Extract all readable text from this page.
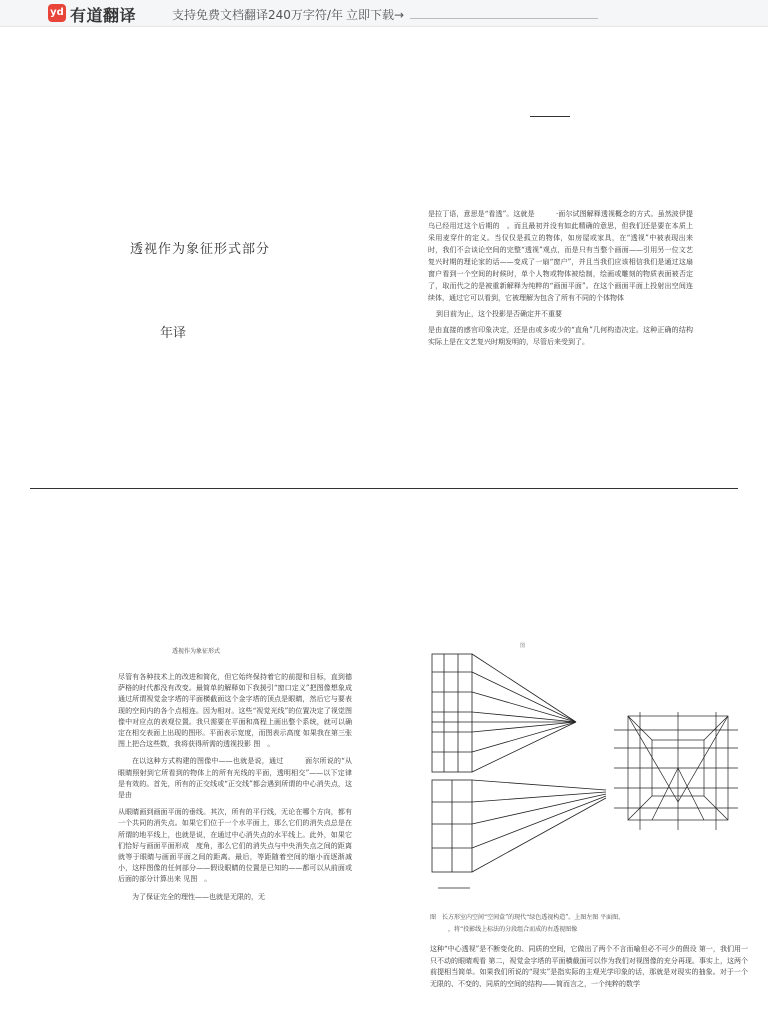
yd 有道翻译	支持免费文档翻译240万字符/年 立即下载→
透视作为象征形式部分
年译

是拉丁语，意思是“看透”。这就是　　　·面尔试图解释透视概念的方式。虽然波伊提乌已经用过这个后期的　。而且最初并没有如此精确的意思，但我们还是要在本质上采用麦穿什的定义。当仅仅是孤立的物体，如房屋或家具，在“透视”中被表现出来时，我们不会谈论空间的完整“透视”观点，而是只有当整个画面——引用另一位文艺复兴时期的理论家的话——变成了一扇“窗户”，并且当我们应该相信我们是通过这扇窗户看到一个空间的时候时，单个人物或物体被绘制，绘画或雕刻的物质表面被否定了，取而代之的是被重新解释为纯粹的“画面平面”。在这个画面平面上投射出空间连续体，通过它可以看到，它被理解为包含了所有不同的个体物体

到目前为止，这个投影是否确定并不重要

是由直接的感官印象决定，还是由或多或少的“直角”几何构造决定。这种正确的结构实际上是在文艺复兴时期发明的，尽管后来受到了。

透视作为象征形式

尽管有各种技术上的改进和简化，但它始终保持着它的前提和目标，直到德萨格的时代都没有改变。最简单的解释如下我援引“窗口定义”把图像想象成通过所谓视觉金字塔的平面横截面这个金字塔的顶点是眼睛，然后它与要表现的空间内的各个点相连。因为相对。这些“视觉光线”的位置决定了视觉图像中对应点的表观位置。我只需要在平面和高程上画出整个系统，就可以确定在相交表面上出现的图形。平面表示宽度，而图表示高度 如果我在第三张图上把合这些数，我将获得所需的透视投影 图　。

在以这种方式构建的图像中——也就是说，通过　　　面尔所说的“从眼睛照射到它所看到的物体上的所有光线的平面，透明相交”——以下定律是有效的。首先，所有的正交线或“正交线”都会遇到所谓的中心消失点，这是由

从眼睛画到画面平面的垂线。其次，所有的平行线，无论在哪个方向，都有一个共同的消失点。如果它们位于一个水平面上，那么它们的消失点总是在所谓的地平线上，也就是说，在通过中心消失点的水平线上。此外，如果它们恰好与画面平面形成　度角，那么它们的消失点与中央消失点之间的距离就等于眼睛与画面平面之间的距离。最后，等距随着空间的缩小而逐渐减小，这样图像的任何部分——假设眼睛的位置是已知的——都可以从前面或后面的部分计算出来 见图　。

为了保证完全的理性——也就是无限的，无

图
图　长方形室内空间“空间盒”的现代“绿色透视构造”。上图左图 平面图，
，将“投影线上标法的分段组合而成的右透视图像

这种“中心透视”是不断变化的、同质的空间，它做出了两个不言而喻但必不可少的假设 第一，我们用一只不动的眼睛观看 第二，视觉金字塔的平面横截面可以作为我们对视图像的充分再现。事实上，这两个前提相当简单。如果我们所说的“现实”是指实际的主观光学印象的话，那就是对现实的抽象。对于一个无限的、不变的、同质的空间的结构——简而言之，一个纯粹的数学
